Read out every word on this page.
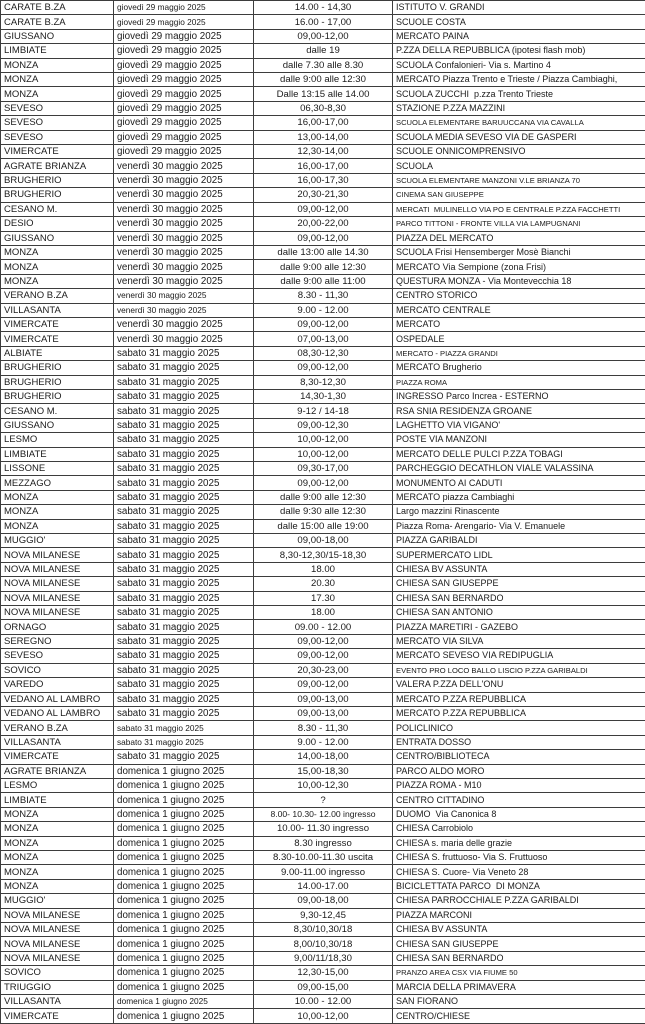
CARATE B.ZA	giovedì 29 maggio 2025	14.00 - 14,30	ISTITUTO V. GRANDI
CARATE B.ZA	giovedì 29 maggio 2025	16.00 - 17,00	SCUOLE COSTA
GIUSSANO	giovedì 29 maggio 2025	09,00-12,00	MERCATO PAINA
LIMBIATE	giovedì 29 maggio 2025	dalle 19	P.ZZA DELLA REPUBBLICA (ipotesi flash mob)
MONZA	giovedì 29 maggio 2025	dalle 7.30 alle 8.30	SCUOLA Confalonieri- Via s. Martino 4
MONZA	giovedì 29 maggio 2025	dalle 9:00 alle 12:30	MERCATO Piazza Trento e Trieste / Piazza Cambiaghi,
MONZA	giovedì 29 maggio 2025	Dalle 13:15 alle 14.00	SCUOLA ZUCCHI  p.zza Trento Trieste
SEVESO	giovedì 29 maggio 2025	06,30-8,30	STAZIONE P.ZZA MAZZINI
SEVESO	giovedì 29 maggio 2025	16,00-17,00	SCUOLA ELEMENTARE BARUUCCANA VIA CAVALLA
SEVESO	giovedì 29 maggio 2025	13,00-14,00	SCUOLA MEDIA SEVESO VIA DE GASPERI
VIMERCATE	giovedì 29 maggio 2025	12,30-14,00	SCUOLE ONNICOMPRENSIVO
AGRATE BRIANZA	venerdì 30 maggio 2025	16,00-17,00	SCUOLA
BRUGHERIO	venerdì 30 maggio 2025	16,00-17,30	SCUOLA ELEMENTARE MANZONI V.LE BRIANZA 70
BRUGHERIO	venerdì 30 maggio 2025	20,30-21,30	CINEMA SAN GIUSEPPE
CESANO M.	venerdì 30 maggio 2025	09,00-12,00	MERCATI  MULINELLO VIA PO E CENTRALE P.ZZA FACCHETTI
DESIO	venerdì 30 maggio 2025	20,00-22,00	PARCO TITTONI - FRONTE VILLA VIA LAMPUGNANI
GIUSSANO	venerdì 30 maggio 2025	09,00-12,00	PIAZZA DEL MERCATO
MONZA	venerdì 30 maggio 2025	dalle 13:00 alle 14.30	SCUOLA Frisi Hensemberger Mosè Bianchi
MONZA	venerdì 30 maggio 2025	dalle 9:00 alle 12:30	MERCATO Via Sempione (zona Frisi)
MONZA	venerdì 30 maggio 2025	dalle 9:00 alle 11:00	QUESTURA MONZA - Via Montevecchia 18
VERANO B.ZA	venerdì 30 maggio 2025	8.30 - 11,30	CENTRO STORICO
VILLASANTA	venerdì 30 maggio 2025	9.00 - 12.00	MERCATO CENTRALE
VIMERCATE	venerdì 30 maggio 2025	09,00-12,00	MERCATO
VIMERCATE	venerdì 30 maggio 2025	07,00-13,00	OSPEDALE
ALBIATE	sabato 31 maggio 2025	08,30-12,30	MERCATO - PIAZZA GRANDI
BRUGHERIO	sabato 31 maggio 2025	09,00-12,00	MERCATO Brugherio
BRUGHERIO	sabato 31 maggio 2025	8,30-12,30	PIAZZA ROMA
BRUGHERIO	sabato 31 maggio 2025	14,30-1,30	INGRESSO Parco Increa - ESTERNO
CESANO M.	sabato 31 maggio 2025	9-12 / 14-18	RSA SNIA RESIDENZA GROANE
GIUSSANO	sabato 31 maggio 2025	09,00-12,30	LAGHETTO VIA VIGANO'
LESMO	sabato 31 maggio 2025	10,00-12,00	POSTE VIA MANZONI
LIMBIATE	sabato 31 maggio 2025	10,00-12,00	MERCATO DELLE PULCI P.ZZA TOBAGI
LISSONE	sabato 31 maggio 2025	09,30-17,00	PARCHEGGIO DECATHLON VIALE VALASSINA
MEZZAGO	sabato 31 maggio 2025	09,00-12,00	MONUMENTO AI CADUTI
MONZA	sabato 31 maggio 2025	dalle 9:00 alle 12:30	MERCATO piazza Cambiaghi
MONZA	sabato 31 maggio 2025	dalle 9:30 alle 12:30	Largo mazzini Rinascente
MONZA	sabato 31 maggio 2025	dalle 15:00 alle 19:00	Piazza Roma- Arengario- Via V. Emanuele
MUGGIO'	sabato 31 maggio 2025	09,00-18,00	PIAZZA GARIBALDI
NOVA MILANESE	sabato 31 maggio 2025	8,30-12,30/15-18,30	SUPERMERCATO LIDL
NOVA MILANESE	sabato 31 maggio 2025	18.00	CHIESA BV ASSUNTA
NOVA MILANESE	sabato 31 maggio 2025	20.30	CHIESA SAN GIUSEPPE
NOVA MILANESE	sabato 31 maggio 2025	17.30	CHIESA SAN BERNARDO
NOVA MILANESE	sabato 31 maggio 2025	18.00	CHIESA SAN ANTONIO
ORNAGO	sabato 31 maggio 2025	09.00 - 12.00	PIAZZA MARETIRI - GAZEBO
SEREGNO	sabato 31 maggio 2025	09,00-12,00	MERCATO VIA SILVA
SEVESO	sabato 31 maggio 2025	09,00-12,00	MERCATO SEVESO VIA REDIPUGLIA
SOVICO	sabato 31 maggio 2025	20,30-23,00	EVENTO PRO LOCO BALLO LISCIO P.ZZA GARIBALDI
VAREDO	sabato 31 maggio 2025	09,00-12,00	VALERA P.ZZA DELL'ONU
VEDANO AL LAMBRO	sabato 31 maggio 2025	09,00-13,00	MERCATO P.ZZA REPUBBLICA
VEDANO AL LAMBRO	sabato 31 maggio 2025	09,00-13,00	MERCATO P.ZZA REPUBBLICA
VERANO B.ZA	sabato 31 maggio 2025	8.30 - 11,30	POLICLINICO
VILLASANTA	sabato 31 maggio 2025	9.00 - 12.00	ENTRATA DOSSO
VIMERCATE	sabato 31 maggio 2025	14,00-18,00	CENTRO/BIBLIOTECA
AGRATE BRIANZA	domenica 1 giugno 2025	15,00-18,30	PARCO ALDO MORO
LESMO	domenica 1 giugno 2025	10,00-12,30	PIAZZA ROMA - M10
LIMBIATE	domenica 1 giugno 2025	?	CENTRO CITTADINO
MONZA	domenica 1 giugno 2025	8.00- 10.30- 12.00 ingresso	DUOMO  Via Canonica 8
MONZA	domenica 1 giugno 2025	10.00- 11.30 ingresso	CHIESA Carrobiolo
MONZA	domenica 1 giugno 2025	8.30 ingresso	CHIESA s. maria delle grazie
MONZA	domenica 1 giugno 2025	8.30-10.00-11.30 uscita	CHIESA S. fruttuoso- Via S. Fruttuoso
MONZA	domenica 1 giugno 2025	9.00-11.00 ingresso	CHIESA S. Cuore- Via Veneto 28
MONZA	domenica 1 giugno 2025	14.00-17.00	BICICLETTATA PARCO  DI MONZA
MUGGIO'	domenica 1 giugno 2025	09,00-18,00	CHIESA PARROCCHIALE P.ZZA GARIBALDI
NOVA MILANESE	domenica 1 giugno 2025	9,30-12,45	PIAZZA MARCONI
NOVA MILANESE	domenica 1 giugno 2025	8,30/10,30/18	CHIESA BV ASSUNTA
NOVA MILANESE	domenica 1 giugno 2025	8,00/10,30/18	CHIESA SAN GIUSEPPE
NOVA MILANESE	domenica 1 giugno 2025	9,00/11/18,30	CHIESA SAN BERNARDO
SOVICO	domenica 1 giugno 2025	12,30-15,00	PRANZO AREA CSX VIA FIUME 50
TRIUGGIO	domenica 1 giugno 2025	09,00-15,00	MARCIA DELLA PRIMAVERA
VILLASANTA	domenica 1 giugno 2025	10.00 - 12.00	SAN FIORANO
VIMERCATE	domenica 1 giugno 2025	10,00-12,00	CENTRO/CHIESE
